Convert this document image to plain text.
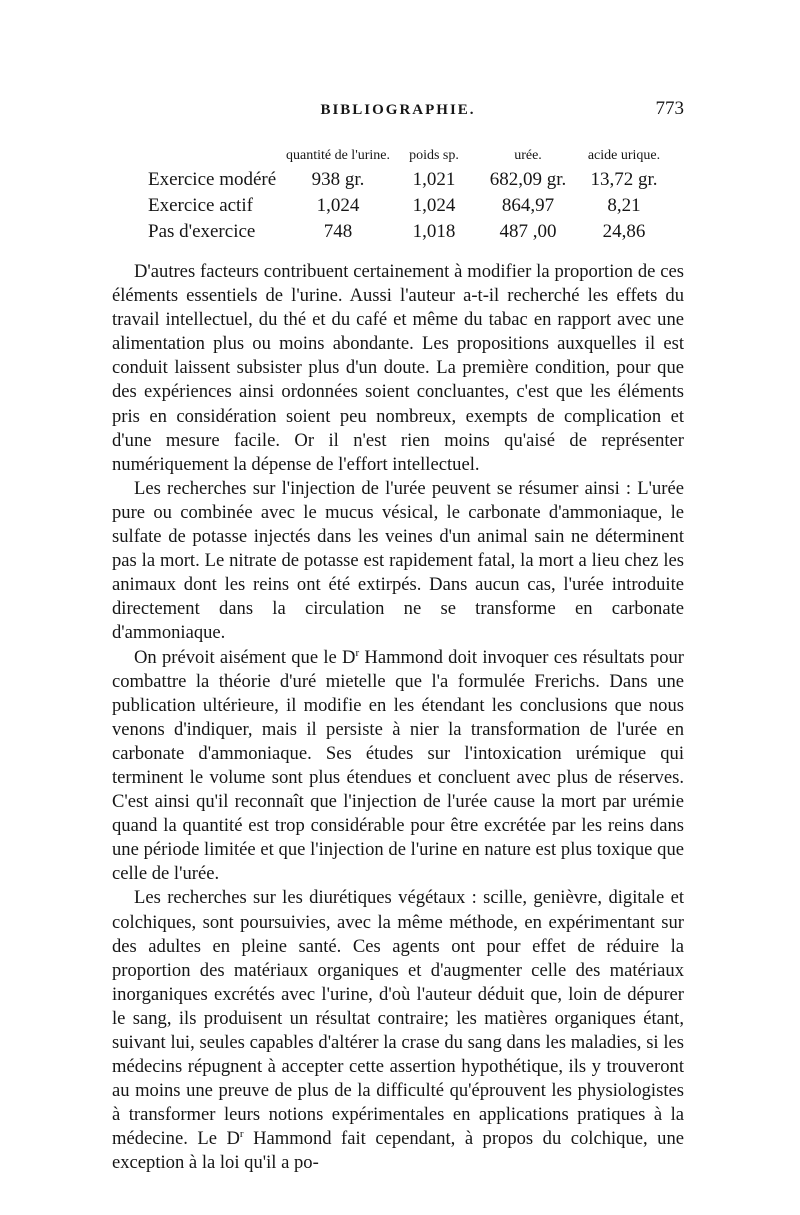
BIBLIOGRAPHIE.	773
	quantité de l'urine.	poids sp.	urée.	acide urique.
Exercice modéré	938 gr.	1,021	682,09 gr.	13,72 gr.
Exercice actif	1,024	1,024	864,97	8,21
Pas d'exercice	748	1,018	487 ,00	24,86

D'autres facteurs contribuent certainement à modifier la proportion de ces éléments essentiels de l'urine. Aussi l'auteur a-t-il recherché les effets du travail intellectuel, du thé et du café et même du tabac en rapport avec une alimentation plus ou moins abondante. Les propositions auxquelles il est conduit laissent subsister plus d'un doute. La première condition, pour que des expériences ainsi ordonnées soient concluantes, c'est que les éléments pris en considération soient peu nombreux, exempts de complication et d'une mesure facile. Or il n'est rien moins qu'aisé de représenter numériquement la dépense de l'effort intellectuel.

Les recherches sur l'injection de l'urée peuvent se résumer ainsi : L'urée pure ou combinée avec le mucus vésical, le carbonate d'ammoniaque, le sulfate de potasse injectés dans les veines d'un animal sain ne déterminent pas la mort. Le nitrate de potasse est rapidement fatal, la mort a lieu chez les animaux dont les reins ont été extirpés. Dans aucun cas, l'urée introduite directement dans la circulation ne se transforme en carbonate d'ammoniaque.

On prévoit aisément que le $D^r$ Hammond doit invoquer ces résultats pour combattre la théorie d'uré mietelle que l'a formulée Frerichs. Dans une publication ultérieure, il modifie en les étendant les conclusions que nous venons d'indiquer, mais il persiste à nier la transformation de l'urée en carbonate d'ammoniaque. Ses études sur l'intoxication urémique qui terminent le volume sont plus étendues et concluent avec plus de réserves. C'est ainsi qu'il reconnaît que l'injection de l'urée cause la mort par urémie quand la quantité est trop considérable pour être excrétée par les reins dans une période limitée et que l'injection de l'urine en nature est plus toxique que celle de l'urée.

Les recherches sur les diurétiques végétaux : scille, genièvre, digitale et colchiques, sont poursuivies, avec la même méthode, en expérimentant sur des adultes en pleine santé. Ces agents ont pour effet de réduire la proportion des matériaux organiques et d'augmenter celle des matériaux inorganiques excrétés avec l'urine, d'où l'auteur déduit que, loin de dépurer le sang, ils produisent un résultat contraire; les matières organiques étant, suivant lui, seules capables d'altérer la crase du sang dans les maladies, si les médecins répugnent à accepter cette assertion hypothétique, ils y trouveront au moins une preuve de plus de la difficulté qu'éprouvent les physiologistes à transformer leurs notions expérimentales en applications pratiques à la médecine. Le $D^r$ Hammond fait cependant, à propos du colchique, une exception à la loi qu'il a po-
